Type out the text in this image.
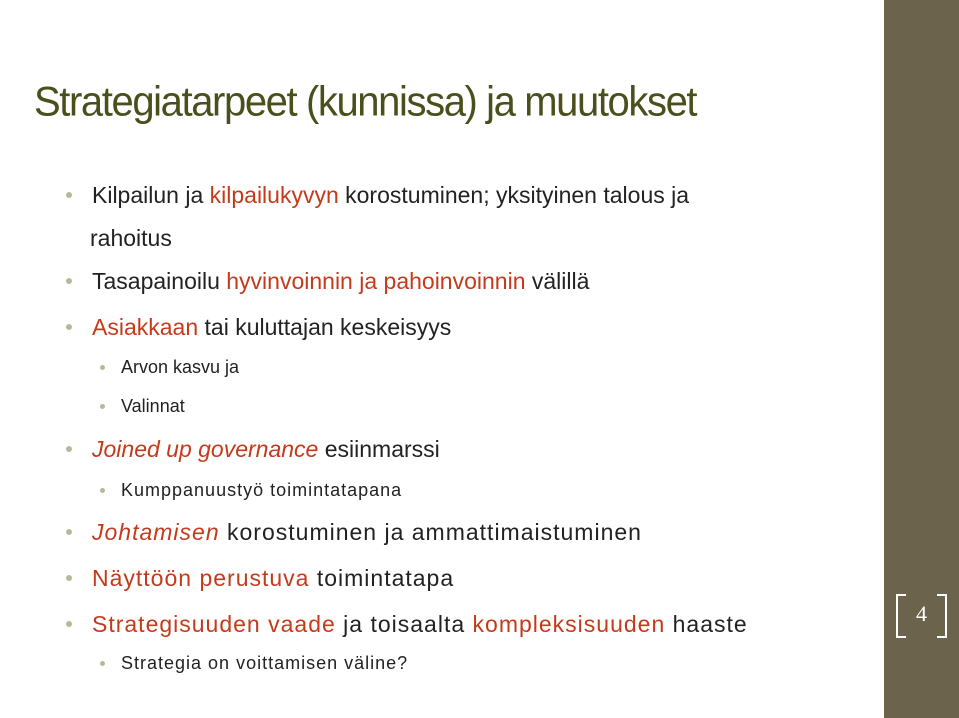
4
Strategiatarpeet (kunnissa) ja muutokset
Kilpailun ja kilpailukyvyn korostuminen; yksityinen talous ja
rahoitus
Tasapainoilu hyvinvoinnin ja pahoinvoinnin välillä
Asiakkaan tai kuluttajan keskeisyys
Arvon kasvu ja
Valinnat
Joined up governance esiinmarssi
Kumppanuustyö toimintatapana
Johtamisen korostuminen ja ammattimaistuminen
Näyttöön perustuva toimintatapa
Strategisuuden vaade ja toisaalta kompleksisuuden haaste
Strategia on voittamisen väline?
